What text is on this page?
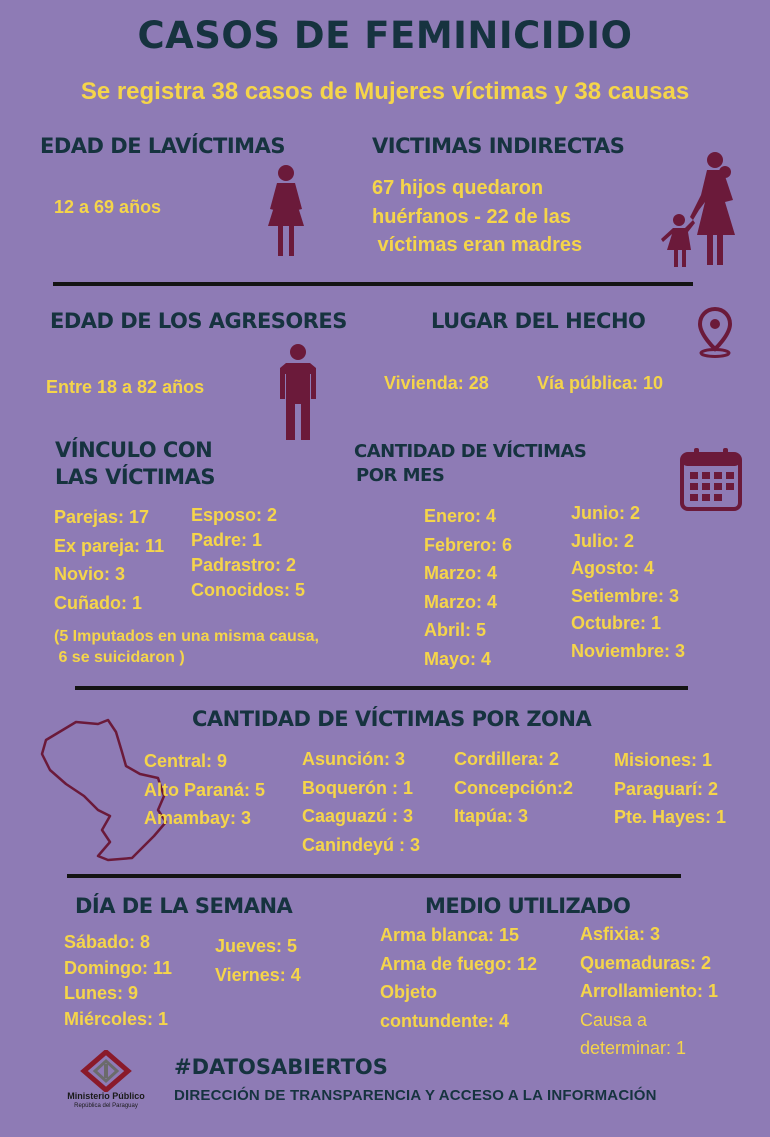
CASOS DE FEMINICIDIO
Se registra 38 casos de Mujeres víctimas y 38 causas
EDAD DE LAVÍCTIMAS
12 a 69 años
VICTIMAS INDIRECTAS
67 hijos quedaron
huérfanos - 22 de las
víctimas eran madres
EDAD DE LOS AGRESORES
Entre 18 a 82 años
LUGAR DEL HECHO
Vivienda: 28	Vía pública: 10
VÍNCULO CON
LAS VÍCTIMAS
Parejas: 17
Ex pareja: 11
Novio: 3
Cuñado: 1
Esposo: 2
Padre: 1
Padrastro: 2
Conocidos: 5
(5 Imputados en una misma causa,
6 se suicidaron )
CANTIDAD DE VÍCTIMAS
POR MES
Enero: 4
Febrero: 6
Marzo: 4
Marzo: 4
Abril: 5
Mayo: 4
Junio: 2
Julio: 2
Agosto: 4
Setiembre: 3
Octubre: 1
Noviembre: 3
CANTIDAD DE VÍCTIMAS POR ZONA
Central: 9
Alto Paraná: 5
Amambay: 3
Asunción: 3
Boquerón : 1
Caaguazú : 3
Canindeyú : 3
Cordillera: 2
Concepción:2
Itapúa: 3
Misiones: 1
Paraguarí: 2
Pte. Hayes: 1
DÍA DE LA SEMANA
Sábado: 8
Domingo: 11
Lunes: 9
Miércoles: 1
Jueves: 5
Viernes: 4
MEDIO UTILIZADO
Arma blanca: 15
Arma de fuego: 12
Objeto
contundente: 4
Asfixia: 3
Quemaduras: 2
Arrollamiento: 1
Causa a
determinar: 1
Ministerio Público
República del Paraguay
#DATOSABIERTOS
DIRECCIÓN DE TRANSPARENCIA Y ACCESO A LA INFORMACIÓN
